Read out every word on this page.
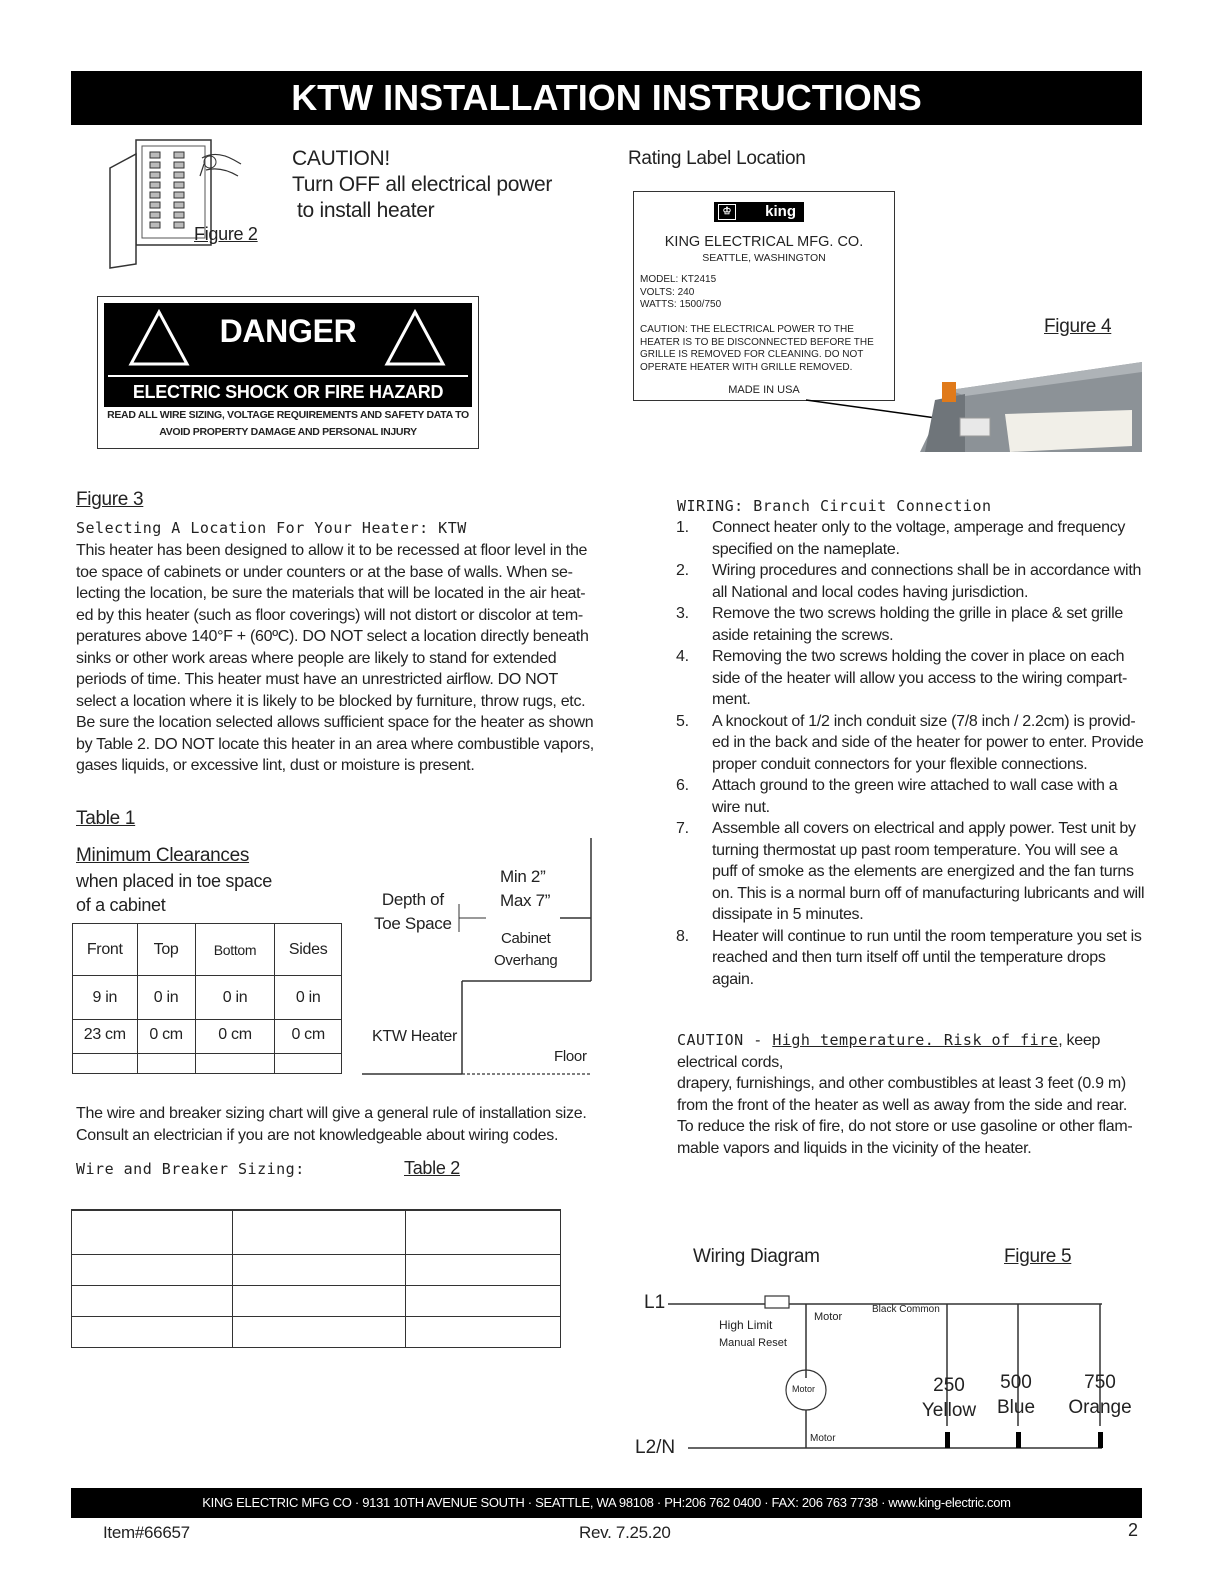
KTW INSTALLATION INSTRUCTIONS
Figure 2
CAUTION!
Turn OFF all electrical power
to install heater
DANGER
ELECTRIC SHOCK OR FIRE HAZARD
READ ALL WIRE SIZING, VOLTAGE REQUIREMENTS AND SAFETY DATA TO
AVOID PROPERTY DAMAGE AND PERSONAL INJURY
Rating Label Location
♔	king
KING ELECTRICAL MFG. CO.
SEATTLE, WASHINGTON
MODEL: KT2415
VOLTS: 240
WATTS: 1500/750
CAUTION: THE ELECTRICAL POWER TO THE
HEATER IS TO BE DISCONNECTED BEFORE THE
GRILLE IS REMOVED FOR CLEANING. DO NOT
OPERATE HEATER WITH GRILLE REMOVED.
MADE IN USA
Figure 4
Figure 3
Selecting A Location For Your Heater: KTW
This heater has been designed to allow it to be recessed at floor level in the
toe space of cabinets or under counters or at the base of walls. When se-
lecting the location, be sure the materials that will be located in the air heat-
ed by this heater (such as floor coverings) will not distort or discolor at tem-
peratures above 140°F + (60ºC). DO NOT select a location directly beneath
sinks or other work areas where people are likely to stand for extended
periods of time. This heater must have an unrestricted airflow. DO NOT
select a location where it is likely to be blocked by furniture, throw rugs, etc.
Be sure the location selected allows sufficient space for the heater as shown
by Table 2. DO NOT locate this heater in an area where combustible vapors,
gases liquids, or excessive lint, dust or moisture is present.
Table 1
Minimum Clearances
when placed in toe space
of a cabinet
Front	Top	Bottom	Sides
9 in	0 in	0 in	0 in
23 cm	0 cm	0 cm	0 cm

Depth of
Toe Space
Min 2”
Max 7”
Cabinet
Overhang
KTW Heater
Floor
The wire and breaker sizing chart will give a general rule of installation size.
Consult an electrician if you are not knowledgeable about wiring codes.
Wire and Breaker Sizing:	Table 2

WIRING: Branch Circuit Connection
1. Connect heater only to the voltage, amperage and frequency
specified on the nameplate.
2. Wiring procedures and connections shall be in accordance with
all National and local codes having jurisdiction.
3. Remove the two screws holding the grille in place & set grille
aside retaining the screws.
4. Removing the two screws holding the cover in place on each
side of the heater will allow you access to the wiring compart-
ment.
5. A knockout of 1/2 inch conduit size (7/8 inch / 2.2cm) is provid-
ed in the back and side of the heater for power to enter. Provide
proper conduit connectors for your flexible connections.
6. Attach ground to the green wire attached to wall case with a
wire nut.
7. Assemble all covers on electrical and apply power. Test unit by
turning thermostat up past room temperature. You will see a
puff of smoke as the elements are energized and the fan turns
on. This is a normal burn off of manufacturing lubricants and will
dissipate in 5 minutes.
8. Heater will continue to run until the room temperature you set is
reached and then turn itself off until the temperature drops
again.
CAUTION - High temperature. Risk of fire, keep electrical cords,
drapery, furnishings, and other combustibles at least 3 feet (0.9 m)
from the front of the heater as well as away from the side and rear.
To reduce the risk of fire, do not store or use gasoline or other flam-
mable vapors and liquids in the vicinity of the heater.
Wiring Diagram	Figure 5
L1
L2/N
High Limit
Manual Reset
Motor
Motor
Motor
Black Common
250
Yellow
500
Blue
750
Orange
KING ELECTRIC MFG CO · 9131 10TH AVENUE SOUTH · SEATTLE, WA 98108 · PH:206 762 0400 · FAX: 206 763 7738 · www.king-electric.com
Item#66657	Rev. 7.25.20	2
